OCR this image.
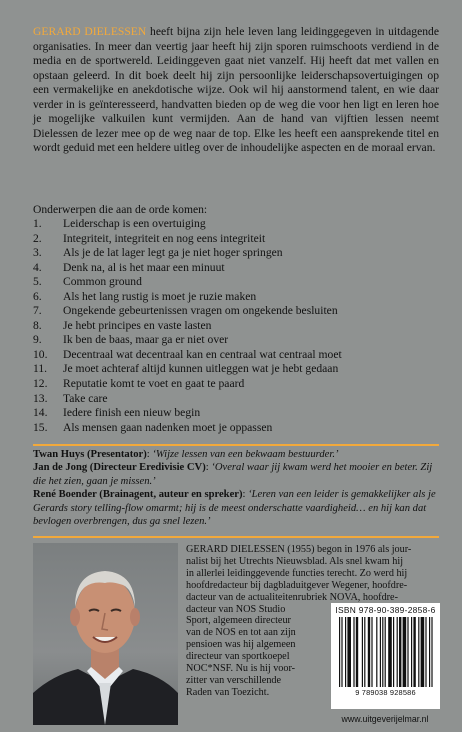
GERARD DIELESSEN heeft bijna zijn hele leven lang leidinggegeven in uitdagende organisaties. In meer dan veertig jaar heeft hij zijn sporen ruimschoots verdiend in de media en de sportwereld. Leidinggeven gaat niet vanzelf. Hij heeft dat met vallen en opstaan geleerd. In dit boek deelt hij zijn persoonlijke leiderschapsovertuigingen op een vermakelijke en anekdotische wijze. Ook wil hij aanstormend talent, en wie daar verder in is geïnteresseerd, handvatten bieden op de weg die voor hen ligt en leren hoe je mogelijke valkuilen kunt vermijden. Aan de hand van vijftien lessen neemt Dielessen de lezer mee op de weg naar de top. Elke les heeft een aansprekende titel en wordt geduid met een heldere uitleg over de inhoudelijke aspecten en de moraal ervan.

Onderwerpen die aan de orde komen:

1.	Leiderschap is een overtuiging
2.	Integriteit, integriteit en nog eens integriteit
3.	Als je de lat lager legt ga je niet hoger springen
4.	Denk na, al is het maar een minuut
5.	Common ground
6.	Als het lang rustig is moet je ruzie maken
7.	Ongekende gebeurtenissen vragen om ongekende besluiten
8.	Je hebt principes en vaste lasten
9.	Ik ben de baas, maar ga er niet over
10.	Decentraal wat decentraal kan en centraal wat centraal moet
11.	Je moet achteraf altijd kunnen uitleggen wat je hebt gedaan
12.	Reputatie komt te voet en gaat te paard
13.	Take care
14.	Iedere finish een nieuw begin
15.	Als mensen gaan nadenken moet je oppassen

Twan Huys (Presentator): ‘Wijze lessen van een bekwaam bestuurder.’

Jan de Jong (Directeur Eredivisie CV): ‘Overal waar jij kwam werd het mooier en beter. Zij die het zien, gaan je missen.’

René Boender (Brainagent, auteur en spreker): ‘Leren van een leider is gemakkelijker als je Gerards story telling-flow omarmt; hij is de meest onderschatte vaardigheid… en hij kan dat bevlogen overbrengen, dus ga snel lezen.’

GERARD DIELESSEN (1955) begon in 1976 als jour-
nalist bij het Utrechts Nieuwsblad. Als snel kwam hij
in allerlei leidinggevende functies terecht. Zo werd hij
hoofdredacteur bij dagbladuitgever Wegener, hoofdre-
dacteur van de actualiteitenrubriek NOVA, hoofdre-
dacteur van NOS Studio
Sport, algemeen directeur
van de NOS en tot aan zijn
pensioen was hij algemeen
directeur van sportkoepel
NOC*NSF. Nu is hij voor-
zitter van verschillende
Raden van Toezicht.

ISBN 978-90-389-2858-6
9 789038 928586
www.uitgeverijelmar.nl
